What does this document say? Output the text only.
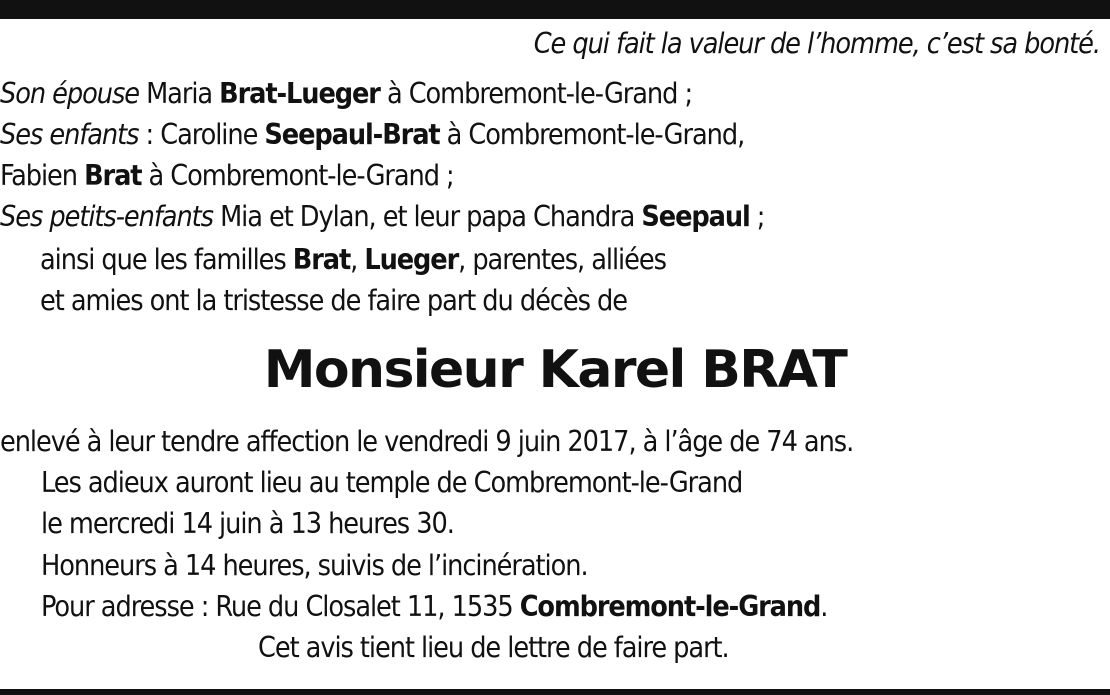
Ce qui fait la valeur de l’homme, c’est sa bonté.
Son épouse Maria Brat-Lueger à Combremont-le-Grand ;
Ses enfants : Caroline Seepaul-Brat à Combremont-le-Grand,
Fabien Brat à Combremont-le-Grand ;
Ses petits-enfants Mia et Dylan, et leur papa Chandra Seepaul ;
ainsi que les familles Brat, Lueger, parentes, alliées
et amies ont la tristesse de faire part du décès de
Monsieur Karel BRAT
enlevé à leur tendre affection le vendredi 9 juin 2017, à l’âge de 74 ans.
Les adieux auront lieu au temple de Combremont-le-Grand
le mercredi 14 juin à 13 heures 30.
Honneurs à 14 heures, suivis de l’incinération.
Pour adresse : Rue du Closalet 11, 1535 Combremont-le-Grand.
Cet avis tient lieu de lettre de faire part.
